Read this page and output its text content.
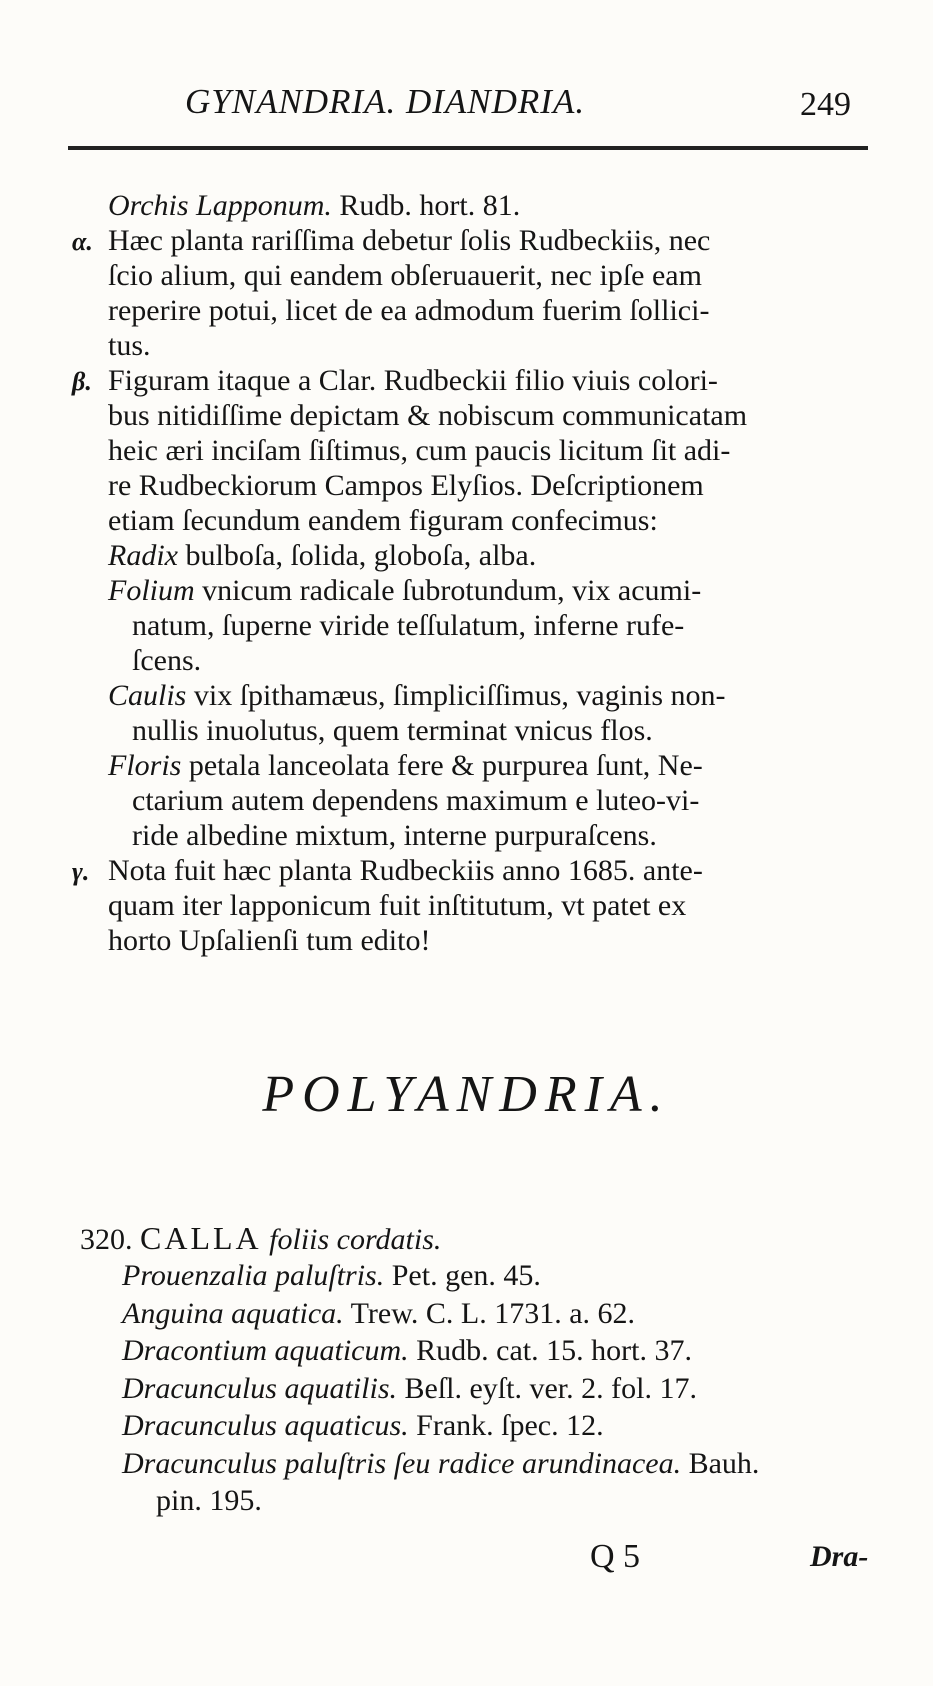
GYNANDRIA. DIANDRIA.	249
Orchis Lapponum. Rudb. hort. 81.
α. Hæc planta rariſſima debetur ſolis Rudbeckiis, nec
ſcio alium, qui eandem obſeruauerit, nec ipſe eam
reperire potui, licet de ea admodum fuerim ſollici-
tus.
β. Figuram itaque a Clar. Rudbeckii filio viuis colori-
bus nitidiſſime depictam & nobiscum communicatam
heic æri inciſam ſiſtimus, cum paucis licitum ſit adi-
re Rudbeckiorum Campos Elyſios. Deſcriptionem
etiam ſecundum eandem figuram confecimus:
Radix bulboſa, ſolida, globoſa, alba.
Folium vnicum radicale ſubrotundum, vix acumi-
natum, ſuperne viride teſſulatum, inferne rufe-
ſcens.
Caulis vix ſpithamæus, ſimpliciſſimus, vaginis non-
nullis inuolutus, quem terminat vnicus flos.
Floris petala lanceolata fere & purpurea ſunt, Ne-
ctarium autem dependens maximum e luteo-vi-
ride albedine mixtum, interne purpuraſcens.
γ. Nota fuit hæc planta Rudbeckiis anno 1685. ante-
quam iter lapponicum fuit inſtitutum, vt patet ex
horto Upſalienſi tum edito!
POLYANDRIA.
320. CALLA foliis cordatis.
Prouenzalia paluſtris. Pet. gen. 45.
Anguina aquatica. Trew. C. L. 1731. a. 62.
Dracontium aquaticum. Rudb. cat. 15. hort. 37.
Dracunculus aquatilis. Beſl. eyſt. ver. 2. fol. 17.
Dracunculus aquaticus. Frank. ſpec. 12.
Dracunculus paluſtris ſeu radice arundinacea. Bauh.
pin. 195.
Q 5	Dra-
